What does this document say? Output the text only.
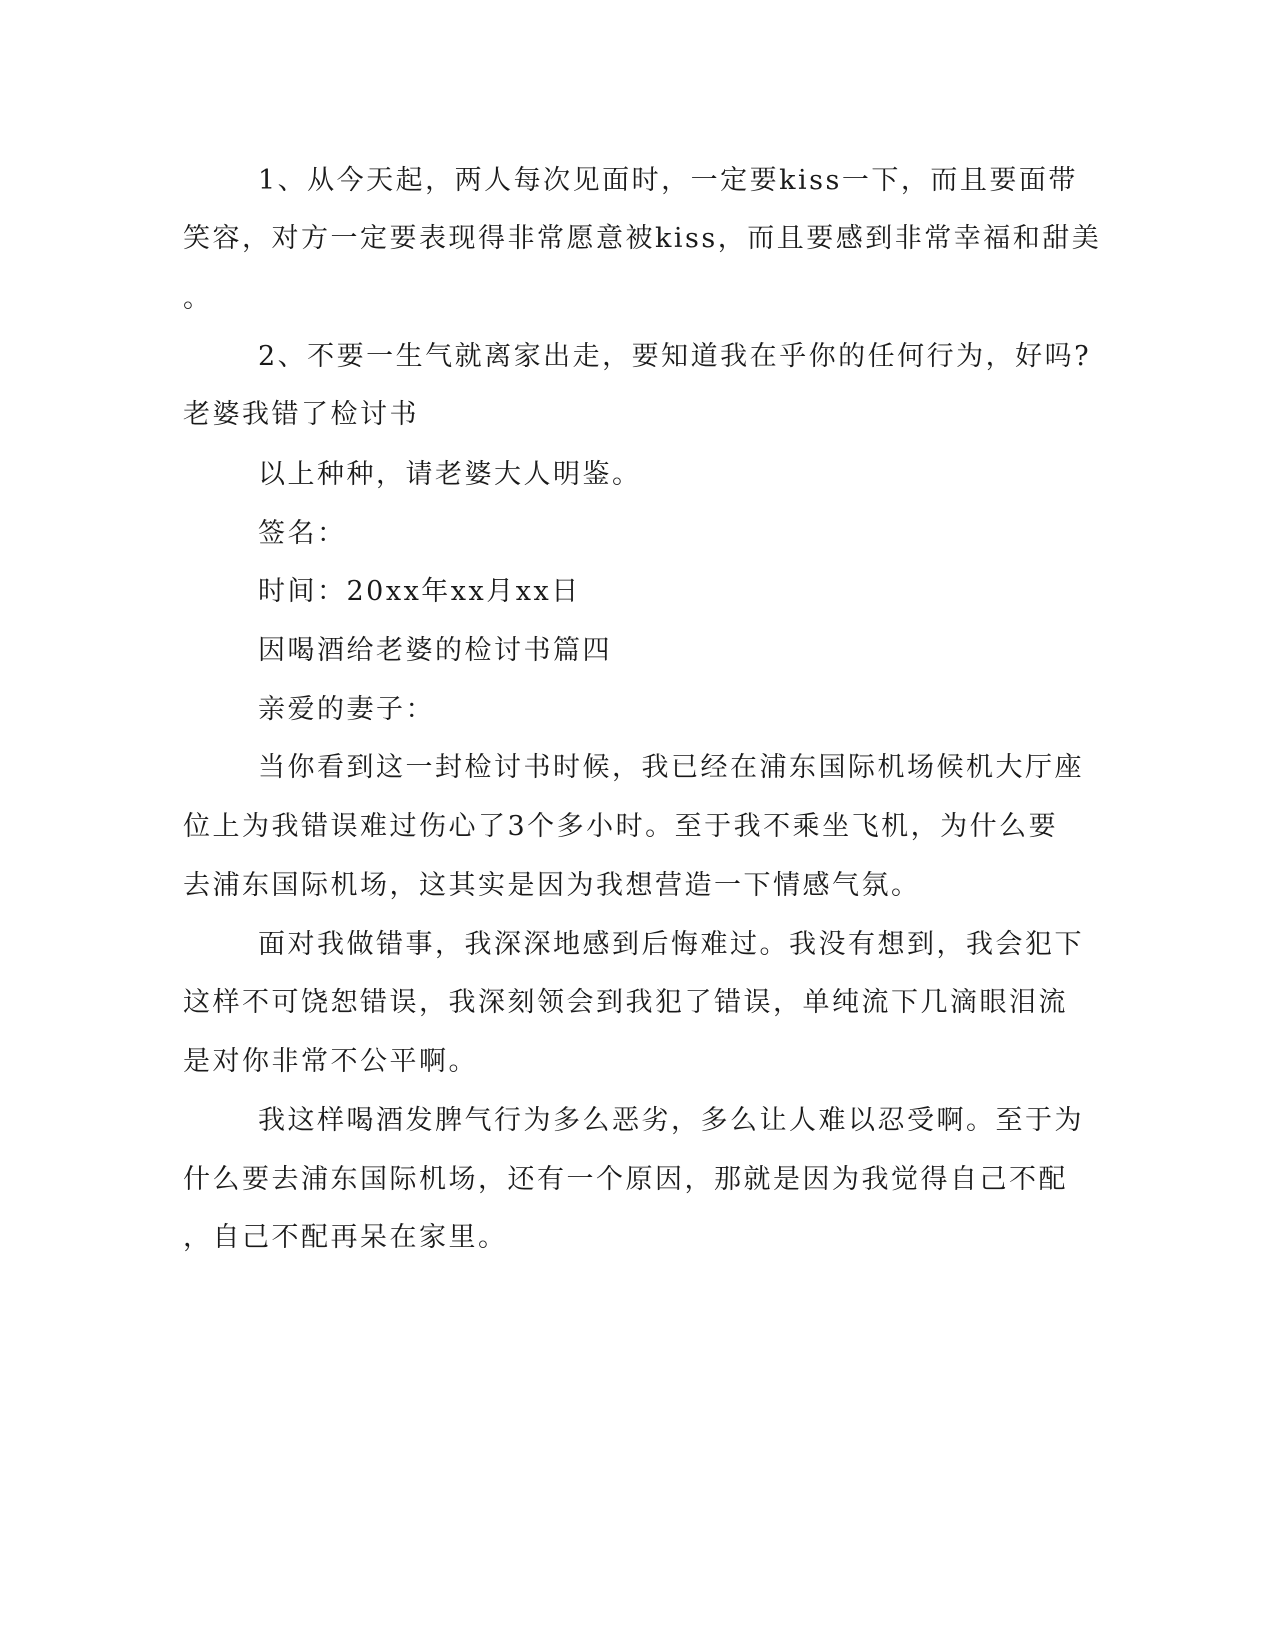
1、从今天起，两人每次见面时，一定要kiss一下，而且要面带
笑容，对方一定要表现得非常愿意被kiss，而且要感到非常幸福和甜美
。
2、不要一生气就离家出走，要知道我在乎你的任何行为，好吗?
老婆我错了检讨书
以上种种，请老婆大人明鉴。
签名：
时间：20xx年xx月xx日
因喝酒给老婆的检讨书篇四
亲爱的妻子：
当你看到这一封检讨书时候，我已经在浦东国际机场候机大厅座
位上为我错误难过伤心了3个多小时。至于我不乘坐飞机，为什么要
去浦东国际机场，这其实是因为我想营造一下情感气氛。
面对我做错事，我深深地感到后悔难过。我没有想到，我会犯下
这样不可饶恕错误，我深刻领会到我犯了错误，单纯流下几滴眼泪流
是对你非常不公平啊。
我这样喝酒发脾气行为多么恶劣，多么让人难以忍受啊。至于为
什么要去浦东国际机场，还有一个原因，那就是因为我觉得自己不配
，自己不配再呆在家里。
